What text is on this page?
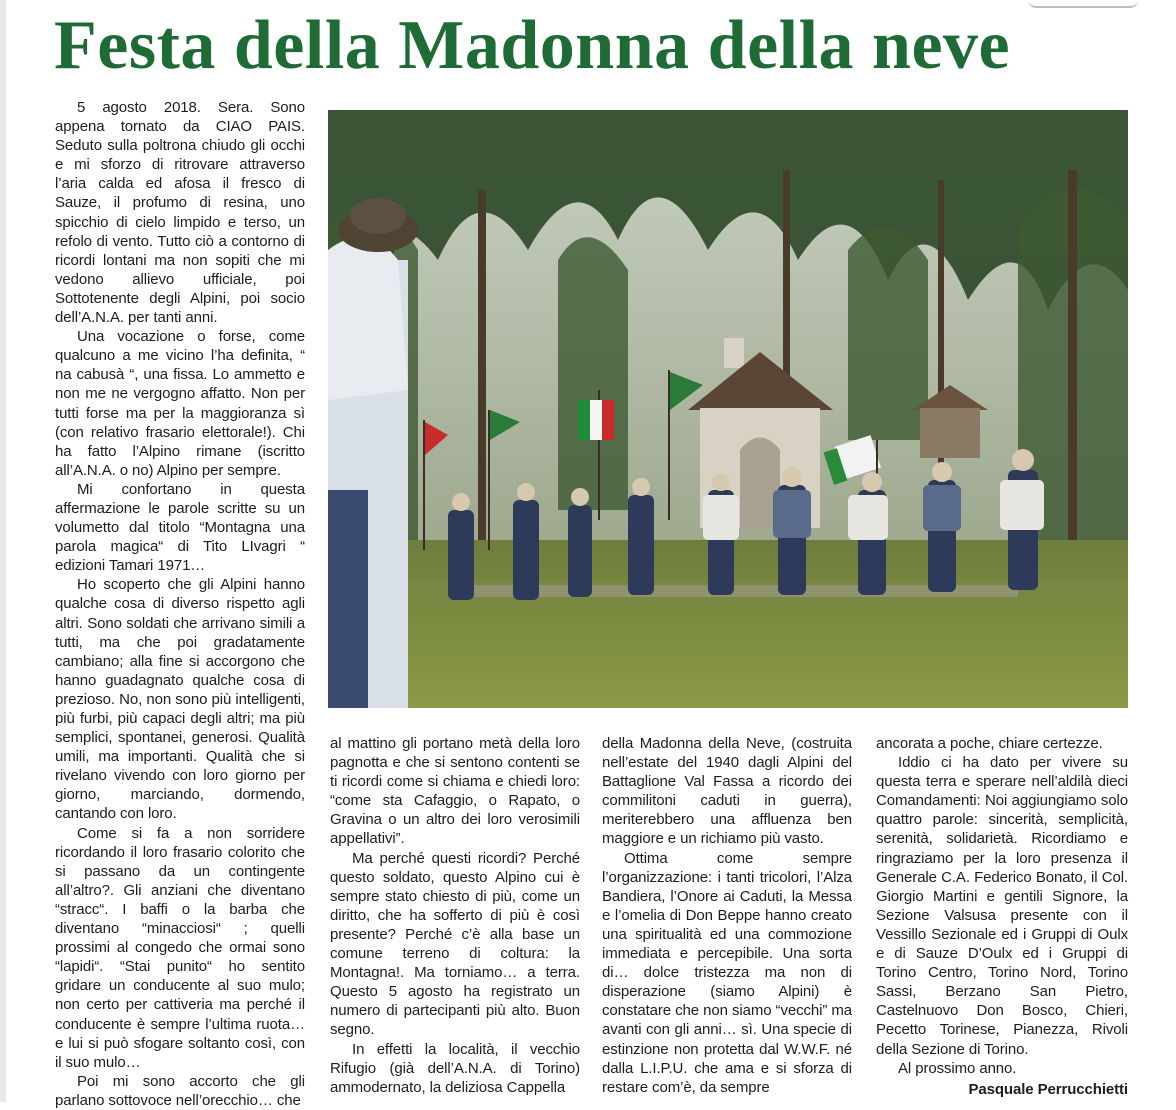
Festa della Madonna della neve

5 agosto 2018. Sera. Sono appena tornato da CIAO PAIS. Seduto sulla poltrona chiudo gli occhi e mi sforzo di ritrovare attraverso l’aria calda ed afosa il fresco di Sauze, il profumo di resina, uno spicchio di cielo limpido e terso, un refolo di vento. Tutto ciò a contorno di ricordi lontani ma non sopiti che mi vedono allievo ufficiale, poi Sottotenente degli Alpini, poi socio dell’A.N.A. per tanti anni.

Una vocazione o forse, come qualcuno a me vicino l’ha definita, “ na cabusà “, una fissa. Lo ammetto e non me ne vergogno affatto. Non per tutti forse ma per la maggioranza sì (con relativo frasario elettorale!). Chi ha fatto l’Alpino rimane (iscritto all’A.N.A. o no) Alpino per sempre.

Mi confortano in questa affermazione le parole scritte su un volumetto dal titolo “Montagna una parola magica“ di Tito LIvagri “ edizioni Tamari 1971…

Ho scoperto che gli Alpini hanno qualche cosa di diverso rispetto agli altri. Sono soldati che arrivano simili a tutti, ma che poi gradatamente cambiano; alla fine si accorgono che hanno guadagnato qualche cosa di prezioso. No, non sono più intelligenti, più furbi, più capaci degli altri; ma più semplici, spontanei, generosi. Qualità umili, ma importanti. Qualità che si rivelano vivendo con loro giorno per giorno, marciando, dormendo, cantando con loro.

Come si fa a non sorridere ricordando il loro frasario colorito che si passano da un contingente all’altro?. Gli anziani che diventano “stracc“. I baffi o la barba che diventano “minacciosi“ ; quelli prossimi al congedo che ormai sono “lapidi“. “Stai punito“ ho sentito gridare un conducente al suo mulo; non certo per cattiveria ma perché il conducente è sempre l’ultima ruota… e lui si può sfogare soltanto così, con il suo mulo…

Poi mi sono accorto che gli parlano sottovoce nell’orecchio… che

al mattino gli portano metà della loro pagnotta e che si sentono contenti se ti ricordi come si chiama e chiedi loro: “come sta Cafaggio, o Rapato, o Gravina o un altro dei loro verosimili appellativi”.

Ma perché questi ricordi? Perché questo soldato, questo Alpino cui è sempre stato chiesto di più, come un diritto, che ha sofferto di più è così presente? Perché c’è alla base un comune terreno di coltura: la Montagna!. Ma torniamo… a terra. Questo 5 agosto ha registrato un numero di partecipanti più alto. Buon segno.

In effetti la località, il vecchio Rifugio (già dell’A.N.A. di Torino) ammodernato, la deliziosa Cappella

della Madonna della Neve, (costruita nell’estate del 1940 dagli Alpini del Battaglione Val Fassa a ricordo dei commilitoni caduti in guerra), meriterebbero una affluenza ben maggiore e un richiamo più vasto.

Ottima come sempre l’organizzazione: i tanti tricolori, l’Alza Bandiera, l’Onore ai Caduti, la Messa e l’omelia di Don Beppe hanno creato una spiritualità ed una commozione immediata e percepibile. Una sorta di… dolce tristezza ma non di disperazione (siamo Alpini) è constatare che non siamo “vecchi” ma avanti con gli anni… sì. Una specie di estinzione non protetta dal W.W.F. né dalla L.I.P.U. che ama e si sforza di restare com’è, da sempre

ancorata a poche, chiare certezze.

Iddio ci ha dato per vivere su questa terra e sperare nell’aldilà dieci Comandamenti: Noi aggiungiamo solo quattro parole: sincerità, semplicità, serenità, solidarietà. Ricordiamo e ringraziamo per la loro presenza il Generale C.A. Federico Bonato, il Col. Giorgio Martini e gentili Signore, la Sezione Valsusa presente con il Vessillo Sezionale ed i Gruppi di Oulx e di Sauze D’Oulx ed i Gruppi di Torino Centro, Torino Nord, Torino Sassi, Berzano San Pietro, Castelnuovo Don Bosco, Chieri, Pecetto Torinese, Pianezza, Rivoli della Sezione di Torino.

Al prossimo anno.

Pasquale Perrucchietti
